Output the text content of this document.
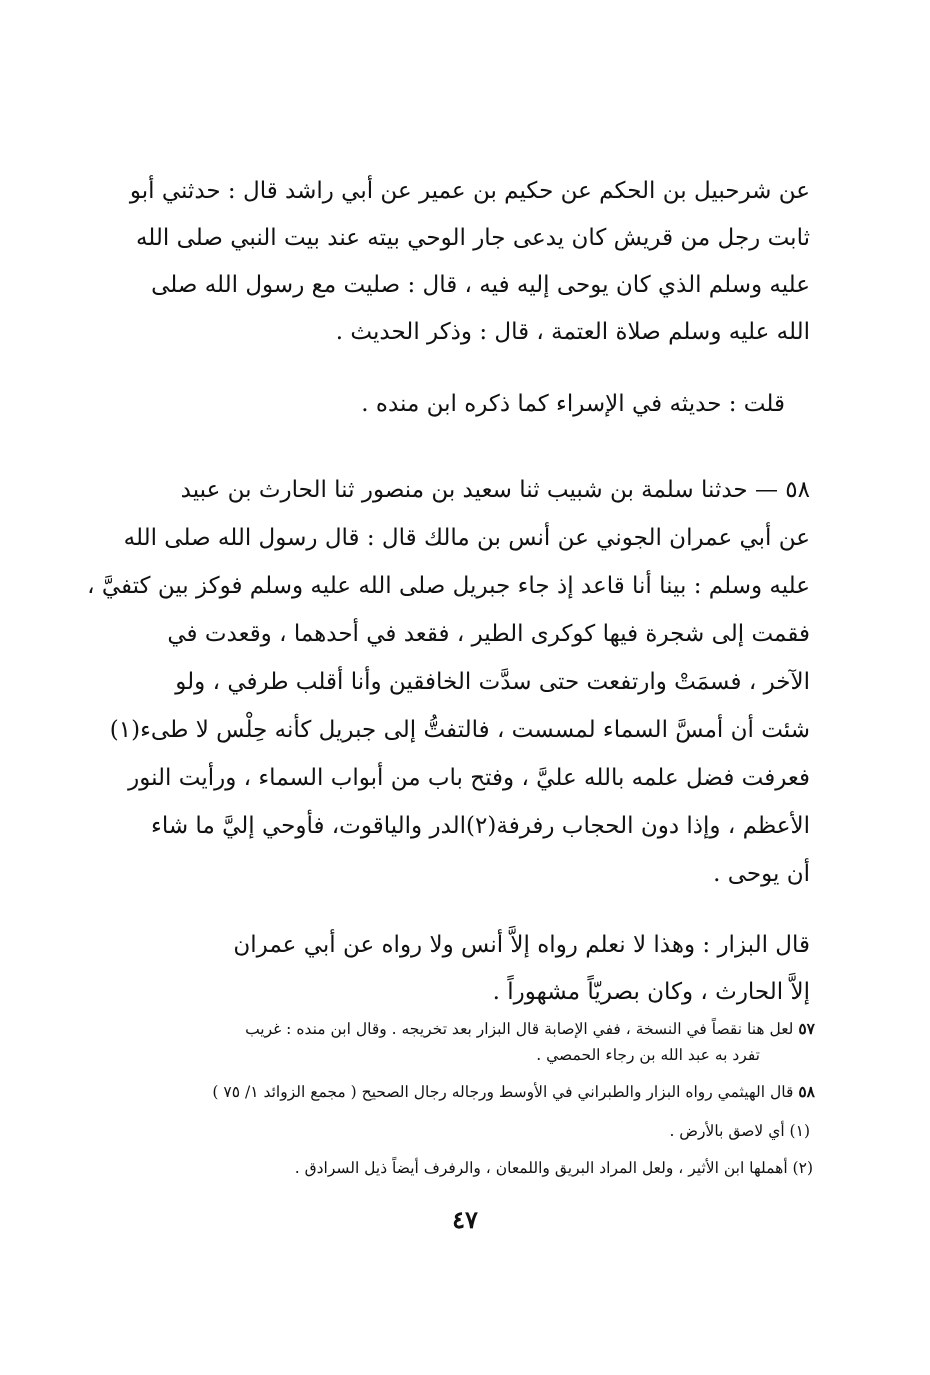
عن شرحبيل بن الحكم عن حكيم بن عمير عن أبي راشد قال : حدثني أبو
ثابت رجل من قريش كان يدعى جار الوحي بيته عند بيت النبي صلى الله
عليه وسلم الذي كان يوحى إليه فيه ، قال : صليت مع رسول الله صلى
الله عليه وسلم صلاة العتمة ، قال : وذكر الحديث .
قلت : حديثه في الإسراء كما ذكره ابن منده .
٥٨ — حدثنا سلمة بن شبيب ثنا سعيد بن منصور ثنا الحارث بن عبيد
عن أبي عمران الجوني عن أنس بن مالك قال : قال رسول الله صلى الله
عليه وسلم : بينا أنا قاعد إذ جاء جبريل صلى الله عليه وسلم فوكز بين كتفيَّ ،
فقمت إلى شجرة فيها كوكرى الطير ، فقعد في أحدهما ، وقعدت في
الآخر ، فسمَتْ وارتفعت حتى سدَّت الخافقين وأنا أقلب طرفي ، ولو
شئت أن أمسَّ السماء لمسست ، فالتفتُّ إلى جبريل كأنه حِلْس لا طىء(١)
فعرفت فضل علمه بالله عليَّ ، وفتح باب من أبواب السماء ، ورأيت النور
الأعظم ، وإذا دون الحجاب رفرفة(٢)الدر والياقوت، فأوحي إليَّ ما شاء
أن يوحى .
قال البزار : وهذا لا نعلم رواه إلاَّ أنس ولا رواه عن أبي عمران
إلاَّ الحارث ، وكان بصريّاً مشهوراً .
٥٧ لعل هنا نقصاً في النسخة ، ففي الإصابة قال البزار بعد تخريجه . وقال ابن منده : غريب
تفرد به عبد الله بن رجاء الحمصي .
٥٨ قال الهيثمي رواه البزار والطبراني في الأوسط ورجاله رجال الصحيح ( مجمع الزوائد ١/ ٧٥ )
(١) أي لاصق بالأرض .
(٢) أهملها ابن الأثير ، ولعل المراد البريق واللمعان ، والرفرف أيضاً ذيل السرادق .
٤٧
